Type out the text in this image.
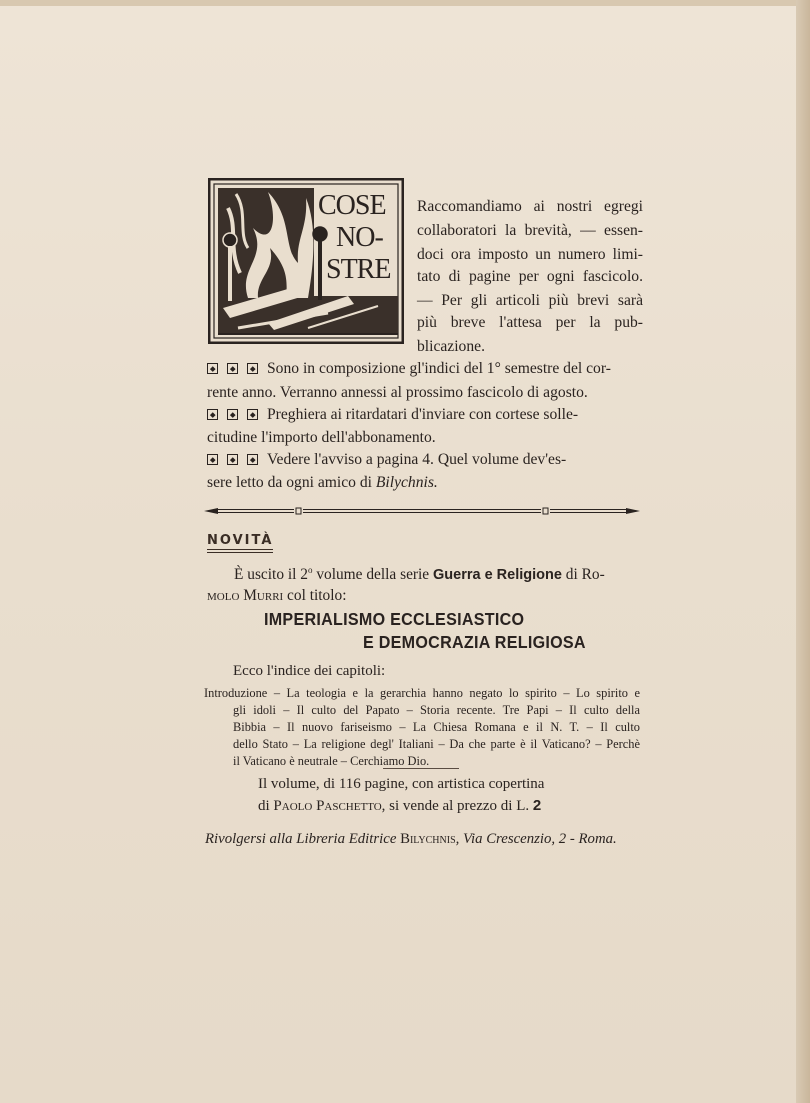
COSE
NO-
STRE
Raccomandiamo ai nostri egregi
collaboratori la brevità, — essen-
doci ora imposto un numero limi-
tato di pagine per ogni fascicolo.
— Per gli articoli più brevi sarà
più breve l'attesa per la pub-
blicazione.
Sono in composizione gl'indici del 1° semestre del cor-
rente anno. Verranno annessi al prossimo fascicolo di agosto.
Preghiera ai ritardatari d'inviare con cortese solle-
citudine l'importo dell'abbonamento.
Vedere l'avviso a pagina 4. Quel volume dev'es-
sere letto da ogni amico di Bilychnis.
NOVITÀ
È uscito il 2$^o$ volume della serie Guerra e Religione di Ro-
molo Murri col titolo:
IMPERIALISMO ECCLESIASTICO
E DEMOCRAZIA RELIGIOSA
Ecco l'indice dei capitoli:
Introduzione – La teologia e la gerarchia hanno negato lo spirito – Lo spirito e
gli idoli – Il culto del Papato – Storia recente. Tre Papi – Il culto della
Bibbia – Il nuovo fariseismo – La Chiesa Romana e il N. T. – Il culto
dello Stato – La religione degl' Italiani – Da che parte è il Vaticano? – Perchè
il Vaticano è neutrale – Cerchiamo Dio.
Il volume, di 116 pagine, con artistica copertina
di Paolo Paschetto, si vende al prezzo di L. 2
Rivolgersi alla Libreria Editrice Bilychnis, Via Crescenzio, 2 - Roma.
